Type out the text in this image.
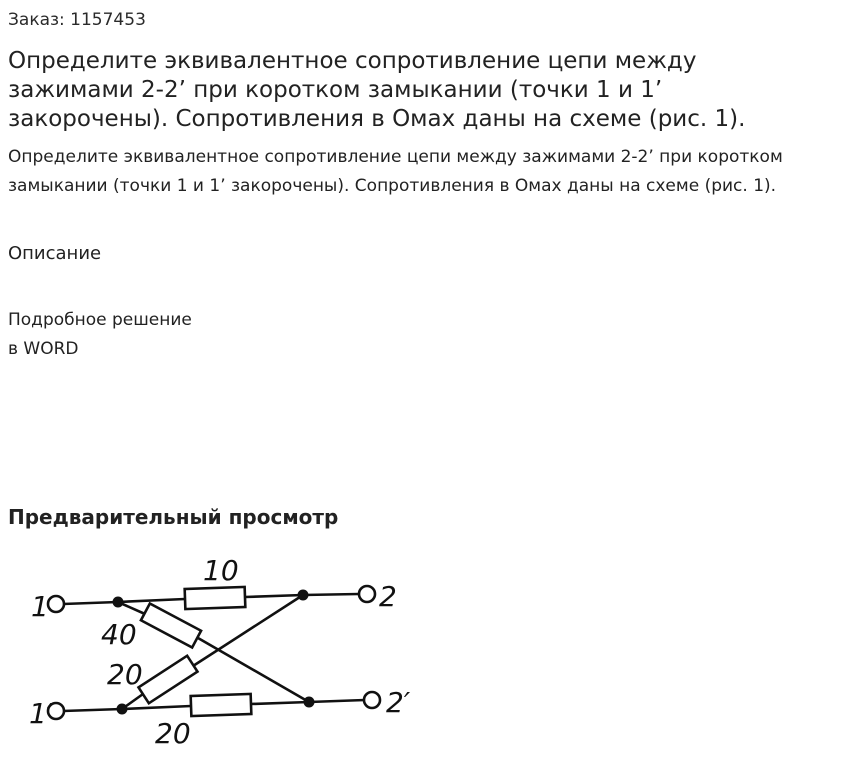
Заказ: 1157453
Определите эквивалентное сопротивление цепи между зажимами 2-2’ при коротком замыкании (точки 1 и 1’ закорочены). Сопротивления в Омах даны на схеме (рис. 1).

Определите эквивалентное сопротивление цепи между зажимами 2-2’ при коротком замыкании (точки 1 и 1’ закорочены). Сопротивления в Омах даны на схеме (рис. 1).

Описание
Подробное решение
в WORD
Предварительный просмотр
10
40
20
20
1
1′
2
2′
